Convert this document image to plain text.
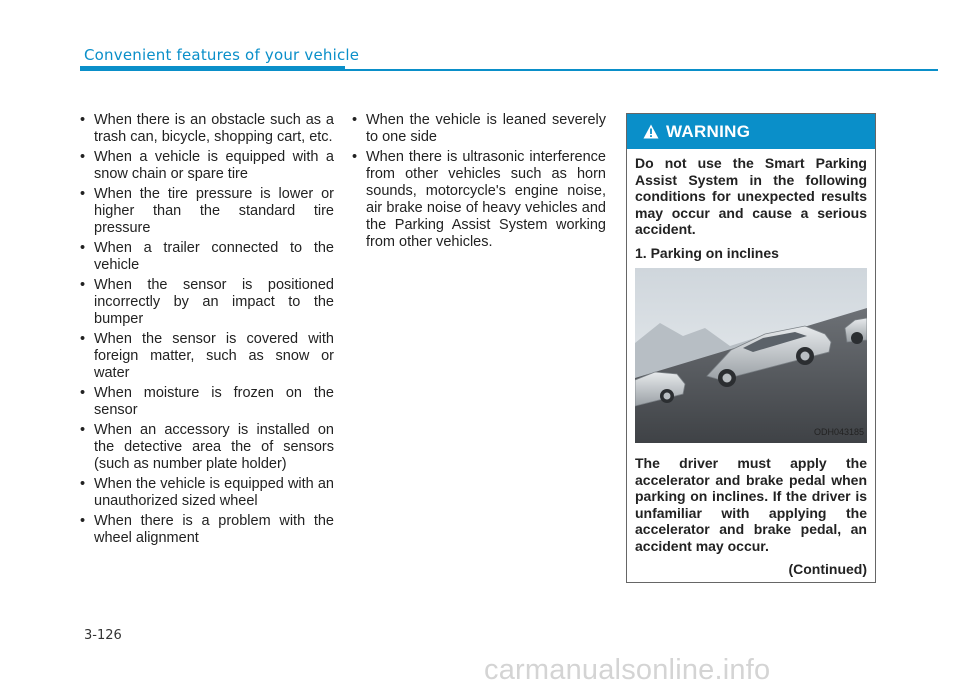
Convenient features of your vehicle
• When there is an obstacle such as a trash can, bicycle, shopping cart, etc.
• When a vehicle is equipped with a snow chain or spare tire
• When the tire pressure is lower or higher than the standard tire pressure
• When a trailer connected to the vehicle
• When the sensor is positioned incorrectly by an impact to the bumper
• When the sensor is covered with foreign matter, such as snow or water
• When moisture is frozen on the sensor
• When an accessory is installed on the detective area the of sensors (such as number plate holder)
• When the vehicle is equipped with an unauthorized sized wheel
• When there is a problem with the wheel alignment
• When the vehicle is leaned severely to one side
• When there is ultrasonic interference from other vehicles such as horn sounds, motorcycle's engine noise, air brake noise of heavy vehicles and the Parking Assist System working from other vehicles.
WARNING

Do not use the Smart Parking Assist System in the following conditions for unexpected results may occur and cause a serious accident.

1. Parking on inclines

ODH043185

The driver must apply the accelerator and brake pedal when parking on inclines. If the driver is unfamiliar with applying the accelerator and brake pedal, an accident may occur.

(Continued)

3-126
carmanualsonline.info
